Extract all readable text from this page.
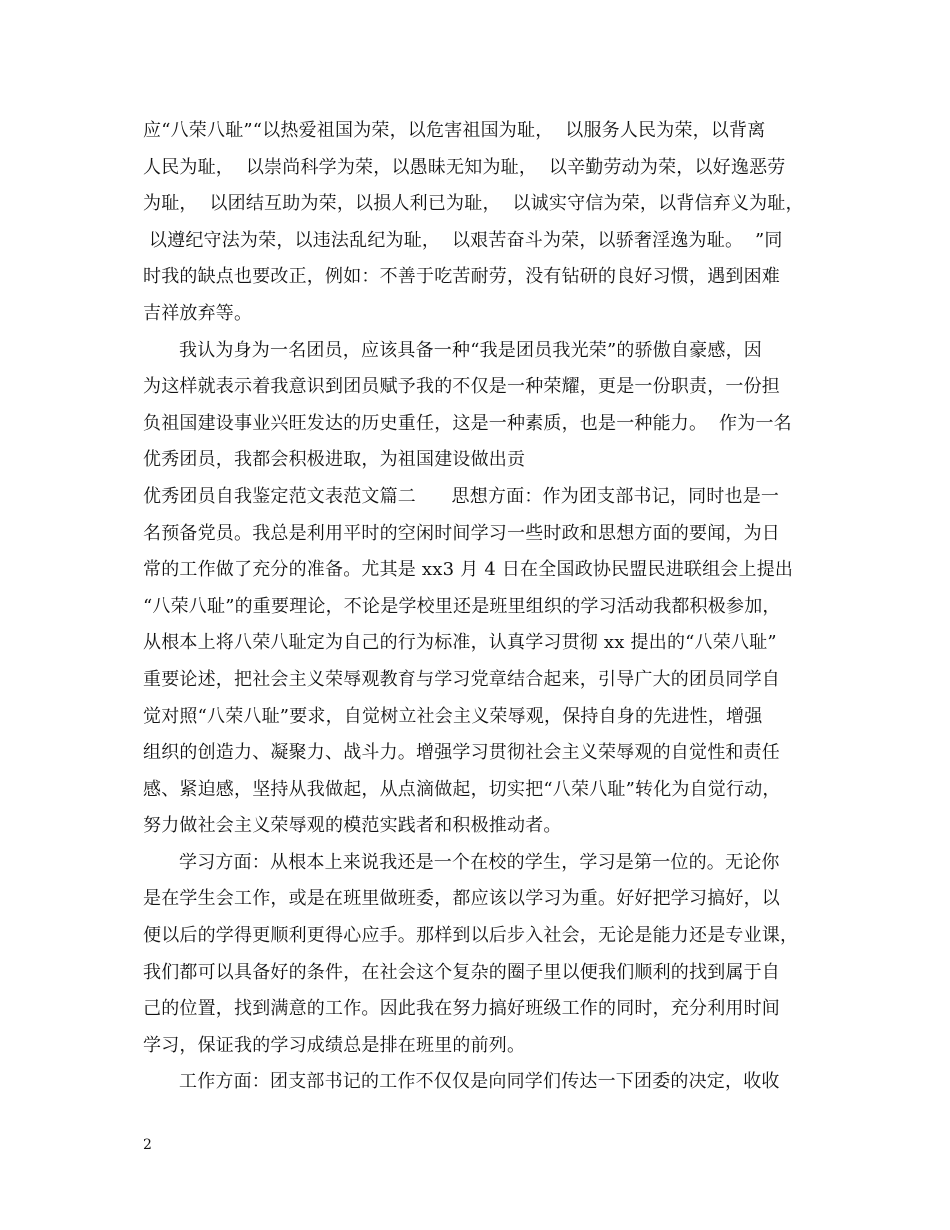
应“八荣八耻”“以热爱祖国为荣，以危害祖国为耻，  以服务人民为荣，以背离
人民为耻，  以崇尚科学为荣，以愚昧无知为耻，  以辛勤劳动为荣，以好逸恶劳
为耻，  以团结互助为荣，以损人利已为耻，  以诚实守信为荣，以背信弃义为耻，
以遵纪守法为荣，以违法乱纪为耻，  以艰苦奋斗为荣，以骄奢淫逸为耻。  ”同
时我的缺点也要改正，例如：不善于吃苦耐劳，没有钻研的良好习惯，遇到困难
吉祥放弃等。
我认为身为一名团员，应该具备一种“我是团员我光荣”的骄傲自豪感，因
为这样就表示着我意识到团员赋予我的不仅是一种荣耀，更是一份职责，一份担
负祖国建设事业兴旺发达的历史重任，这是一种素质，也是一种能力。  作为一名
优秀团员，我都会积极进取，为祖国建设做出贡
优秀团员自我鉴定范文表范文篇二      思想方面：作为团支部书记，同时也是一
名预备党员。我总是利用平时的空闲时间学习一些时政和思想方面的要闻，为日
常的工作做了充分的准备。尤其是 xx3 月 4 日在全国政协民盟民进联组会上提出
“八荣八耻”的重要理论，不论是学校里还是班里组织的学习活动我都积极参加，
从根本上将八荣八耻定为自己的行为标准，认真学习贯彻 xx 提出的“八荣八耻”
重要论述，把社会主义荣辱观教育与学习党章结合起来，引导广大的团员同学自
觉对照“八荣八耻”要求，自觉树立社会主义荣辱观，保持自身的先进性，增强
组织的创造力、凝聚力、战斗力。增强学习贯彻社会主义荣辱观的自觉性和责任
感、紧迫感，坚持从我做起，从点滴做起，切实把“八荣八耻”转化为自觉行动，
努力做社会主义荣辱观的模范实践者和积极推动者。
学习方面：从根本上来说我还是一个在校的学生，学习是第一位的。无论你
是在学生会工作，或是在班里做班委，都应该以学习为重。好好把学习搞好，以
便以后的学得更顺利更得心应手。那样到以后步入社会，无论是能力还是专业课，
我们都可以具备好的条件，在社会这个复杂的圈子里以便我们顺利的找到属于自
己的位置，找到满意的工作。因此我在努力搞好班级工作的同时，充分利用时间
学习，保证我的学习成绩总是排在班里的前列。
工作方面：团支部书记的工作不仅仅是向同学们传达一下团委的决定，收收
2
